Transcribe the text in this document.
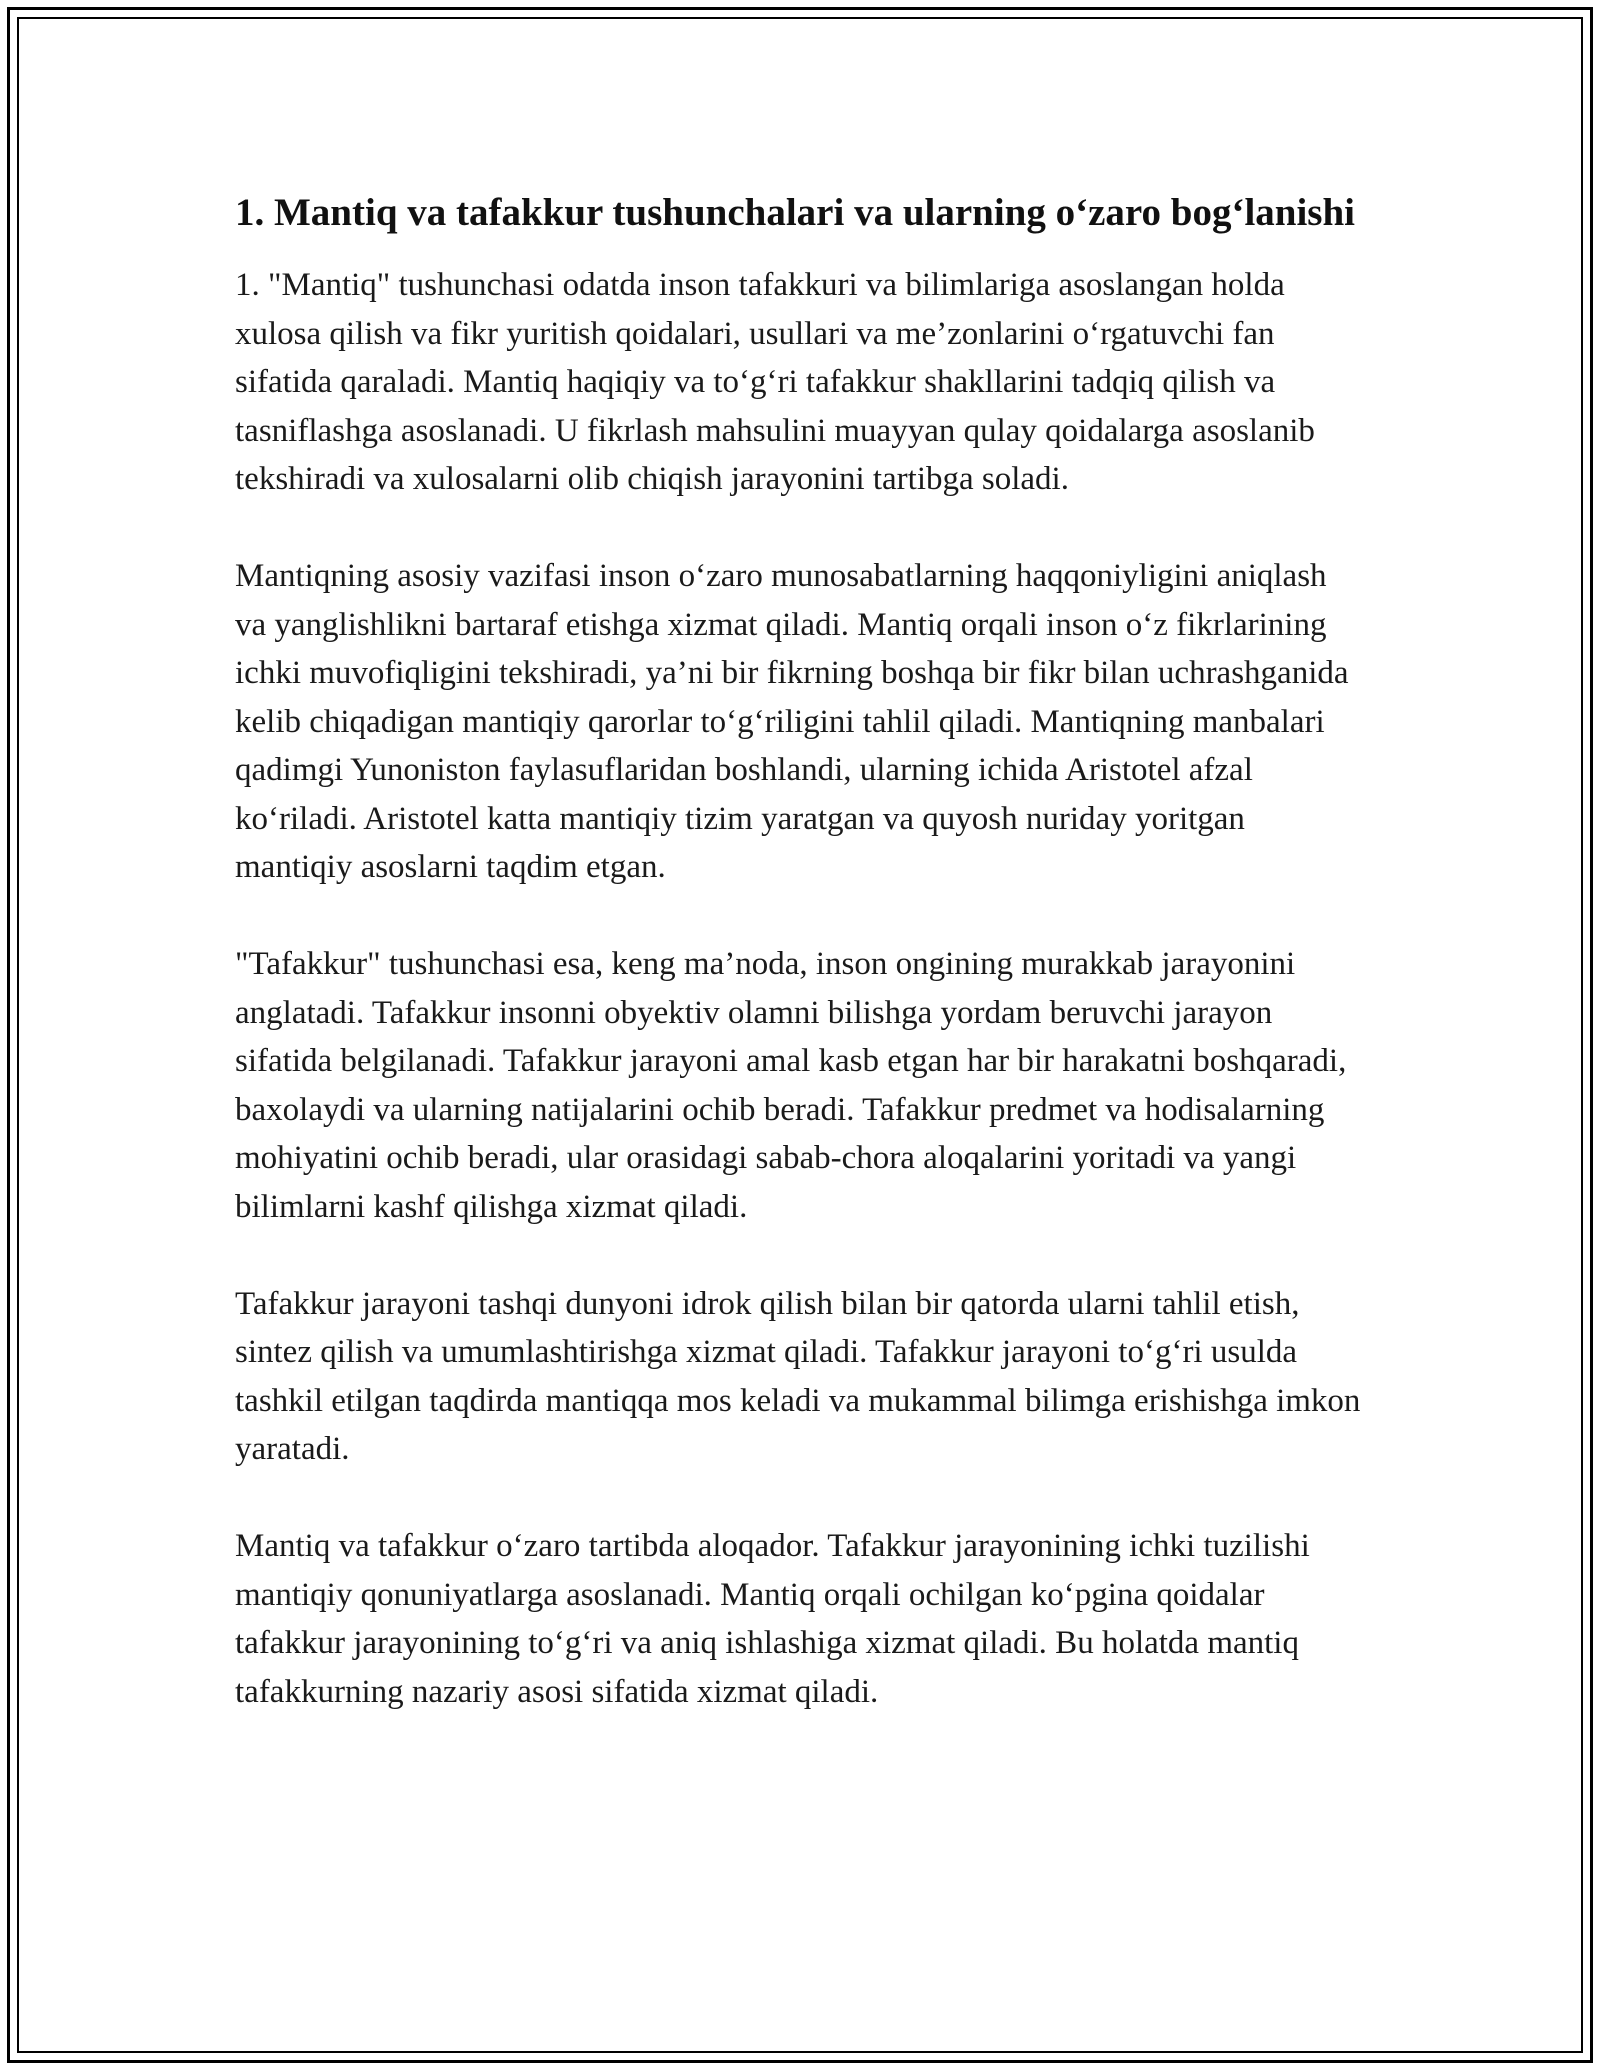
1. Mantiq va tafakkur tushunchalari va ularning o‘zaro bog‘lanishi

1. "Mantiq" tushunchasi odatda inson tafakkuri va bilimlariga asoslangan holda xulosa qilish va fikr yuritish qoidalari, usullari va me’zonlarini o‘rgatuvchi fan sifatida qaraladi. Mantiq haqiqiy va to‘g‘ri tafakkur shakllarini tadqiq qilish va tasniflashga asoslanadi. U fikrlash mahsulini muayyan qulay qoidalarga asoslanib tekshiradi va xulosalarni olib chiqish jarayonini tartibga soladi.

Mantiqning asosiy vazifasi inson o‘zaro munosabatlarning haqqoniyligini aniqlash va yanglishlikni bartaraf etishga xizmat qiladi. Mantiq orqali inson o‘z fikrlarining ichki muvofiqligini tekshiradi, ya’ni bir fikrning boshqa bir fikr bilan uchrashganida kelib chiqadigan mantiqiy qarorlar to‘g‘riligini tahlil qiladi. Mantiqning manbalari qadimgi Yunoniston faylasuflaridan boshlandi, ularning ichida Aristotel afzal ko‘riladi. Aristotel katta mantiqiy tizim yaratgan va quyosh nuriday yoritgan mantiqiy asoslarni taqdim etgan.

"Tafakkur" tushunchasi esa, keng ma’noda, inson ongining murakkab jarayonini anglatadi. Tafakkur insonni obyektiv olamni bilishga yordam beruvchi jarayon sifatida belgilanadi. Tafakkur jarayoni amal kasb etgan har bir harakatni boshqaradi, baxolaydi va ularning natijalarini ochib beradi. Tafakkur predmet va hodisalarning mohiyatini ochib beradi, ular orasidagi sabab-chora aloqalarini yoritadi va yangi bilimlarni kashf qilishga xizmat qiladi.

Tafakkur jarayoni tashqi dunyoni idrok qilish bilan bir qatorda ularni tahlil etish, sintez qilish va umumlashtirishga xizmat qiladi. Tafakkur jarayoni to‘g‘ri usulda tashkil etilgan taqdirda mantiqqa mos keladi va mukammal bilimga erishishga imkon yaratadi.

Mantiq va tafakkur o‘zaro tartibda aloqador. Tafakkur jarayonining ichki tuzilishi mantiqiy qonuniyatlarga asoslanadi. Mantiq orqali ochilgan ko‘pgina qoidalar tafakkur jarayonining to‘g‘ri va aniq ishlashiga xizmat qiladi. Bu holatda mantiq tafakkurning nazariy asosi sifatida xizmat qiladi.
